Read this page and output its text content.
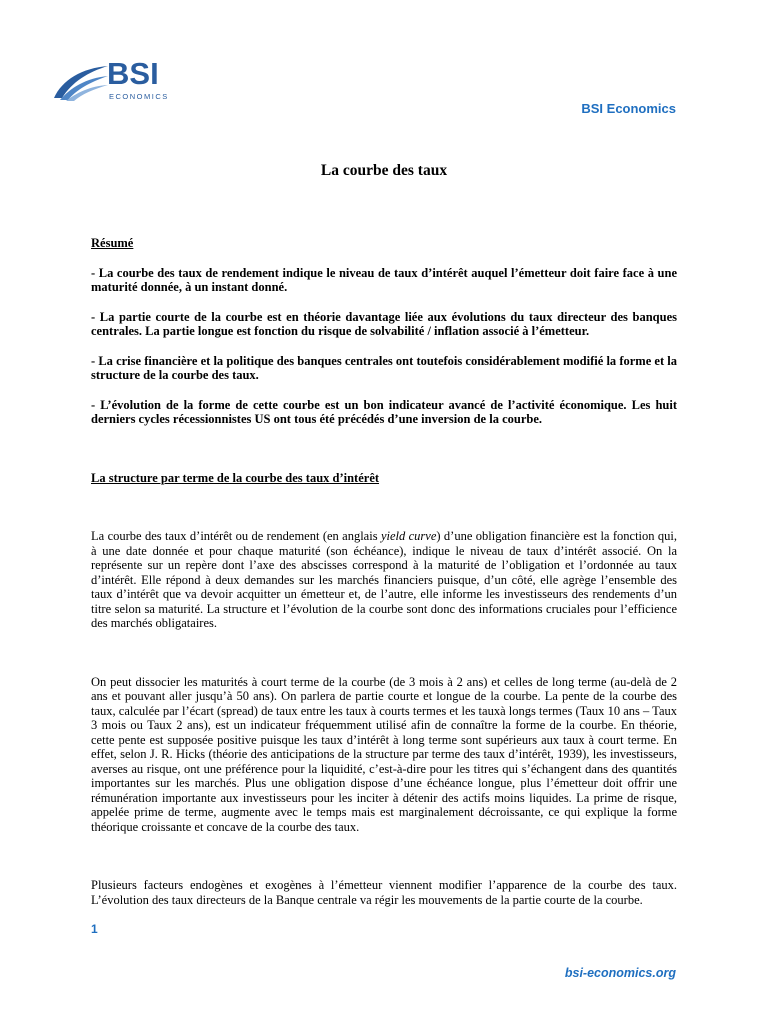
BSI
ECONOMICS
BSI Economics
La courbe des taux

Résumé

- La courbe des taux de rendement indique le niveau de taux d’intérêt auquel l’émetteur doit faire face à une maturité donnée, à un instant donné.

- La partie courte de la courbe est en théorie davantage liée aux évolutions du taux directeur des banques centrales. La partie longue est fonction du risque de solvabilité / inflation associé à l’émetteur.

- La crise financière et la politique des banques centrales ont toutefois considérablement modifié la forme et la structure de la courbe des taux.

- L’évolution de la forme de cette courbe est un bon indicateur avancé de l’activité économique. Les huit derniers cycles récessionnistes US ont tous été précédés d’une inversion de la courbe.

La structure par terme de la courbe des taux d’intérêt

La courbe des taux d’intérêt ou de rendement (en anglais yield curve) d’une obligation financière est la fonction qui, à une date donnée et pour chaque maturité (son échéance), indique le niveau de taux d’intérêt associé. On la représente sur un repère dont l’axe des abscisses correspond à la maturité de l’obligation et l’ordonnée au taux d’intérêt. Elle répond à deux demandes sur les marchés financiers puisque, d’un côté, elle agrège l’ensemble des taux d’intérêt que va devoir acquitter un émetteur et, de l’autre, elle informe les investisseurs des rendements d’un titre selon sa maturité. La structure et l’évolution de la courbe sont donc des informations cruciales pour l’efficience des marchés obligataires.

On peut dissocier les maturités à court terme de la courbe (de 3 mois à 2 ans) et celles de long terme (au-delà de 2 ans et pouvant aller jusqu’à 50 ans). On parlera de partie courte et longue de la courbe. La pente de la courbe des taux, calculée par l’écart (spread) de taux entre les taux à courts termes et les tauxà longs termes (Taux 10 ans – Taux 3 mois ou Taux 2 ans), est un indicateur fréquemment utilisé afin de connaître la forme de la courbe. En théorie, cette pente est supposée positive puisque les taux d’intérêt à long terme sont supérieurs aux taux à court terme. En effet, selon J. R. Hicks (théorie des anticipations de la structure par terme des taux d’intérêt, 1939), les investisseurs, averses au risque, ont une préférence pour la liquidité, c’est-à-dire pour les titres qui s’échangent dans des quantités importantes sur les marchés. Plus une obligation dispose d’une échéance longue, plus l’émetteur doit offrir une rémunération importante aux investisseurs pour les inciter à détenir des actifs moins liquides. La prime de risque, appelée prime de terme, augmente avec le temps mais est marginalement décroissante, ce qui explique la forme théorique croissante et concave de la courbe des taux.

Plusieurs facteurs endogènes et exogènes à l’émetteur viennent modifier l’apparence de la courbe des taux. L’évolution des taux directeurs de la Banque centrale va régir les mouvements de la partie courte de la courbe.

1
bsi-economics.org
